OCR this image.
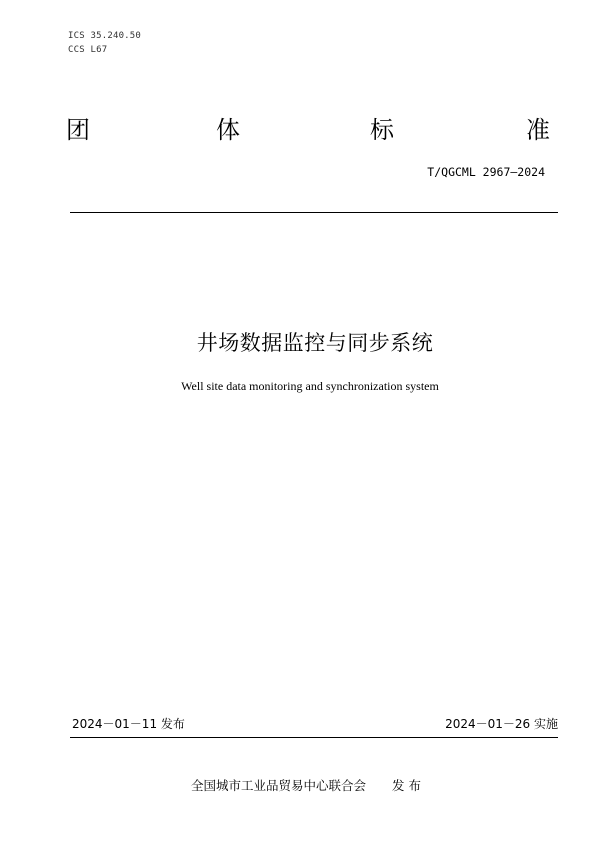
ICS 35.240.50
CCS L67
团	体	标	准
T/QGCML 2967—2024
井场数据监控与同步系统
Well site data monitoring and synchronization system
2024－01－11 发布	2024－01－26 实施
全国城市工业品贸易中心联合会 发 布
